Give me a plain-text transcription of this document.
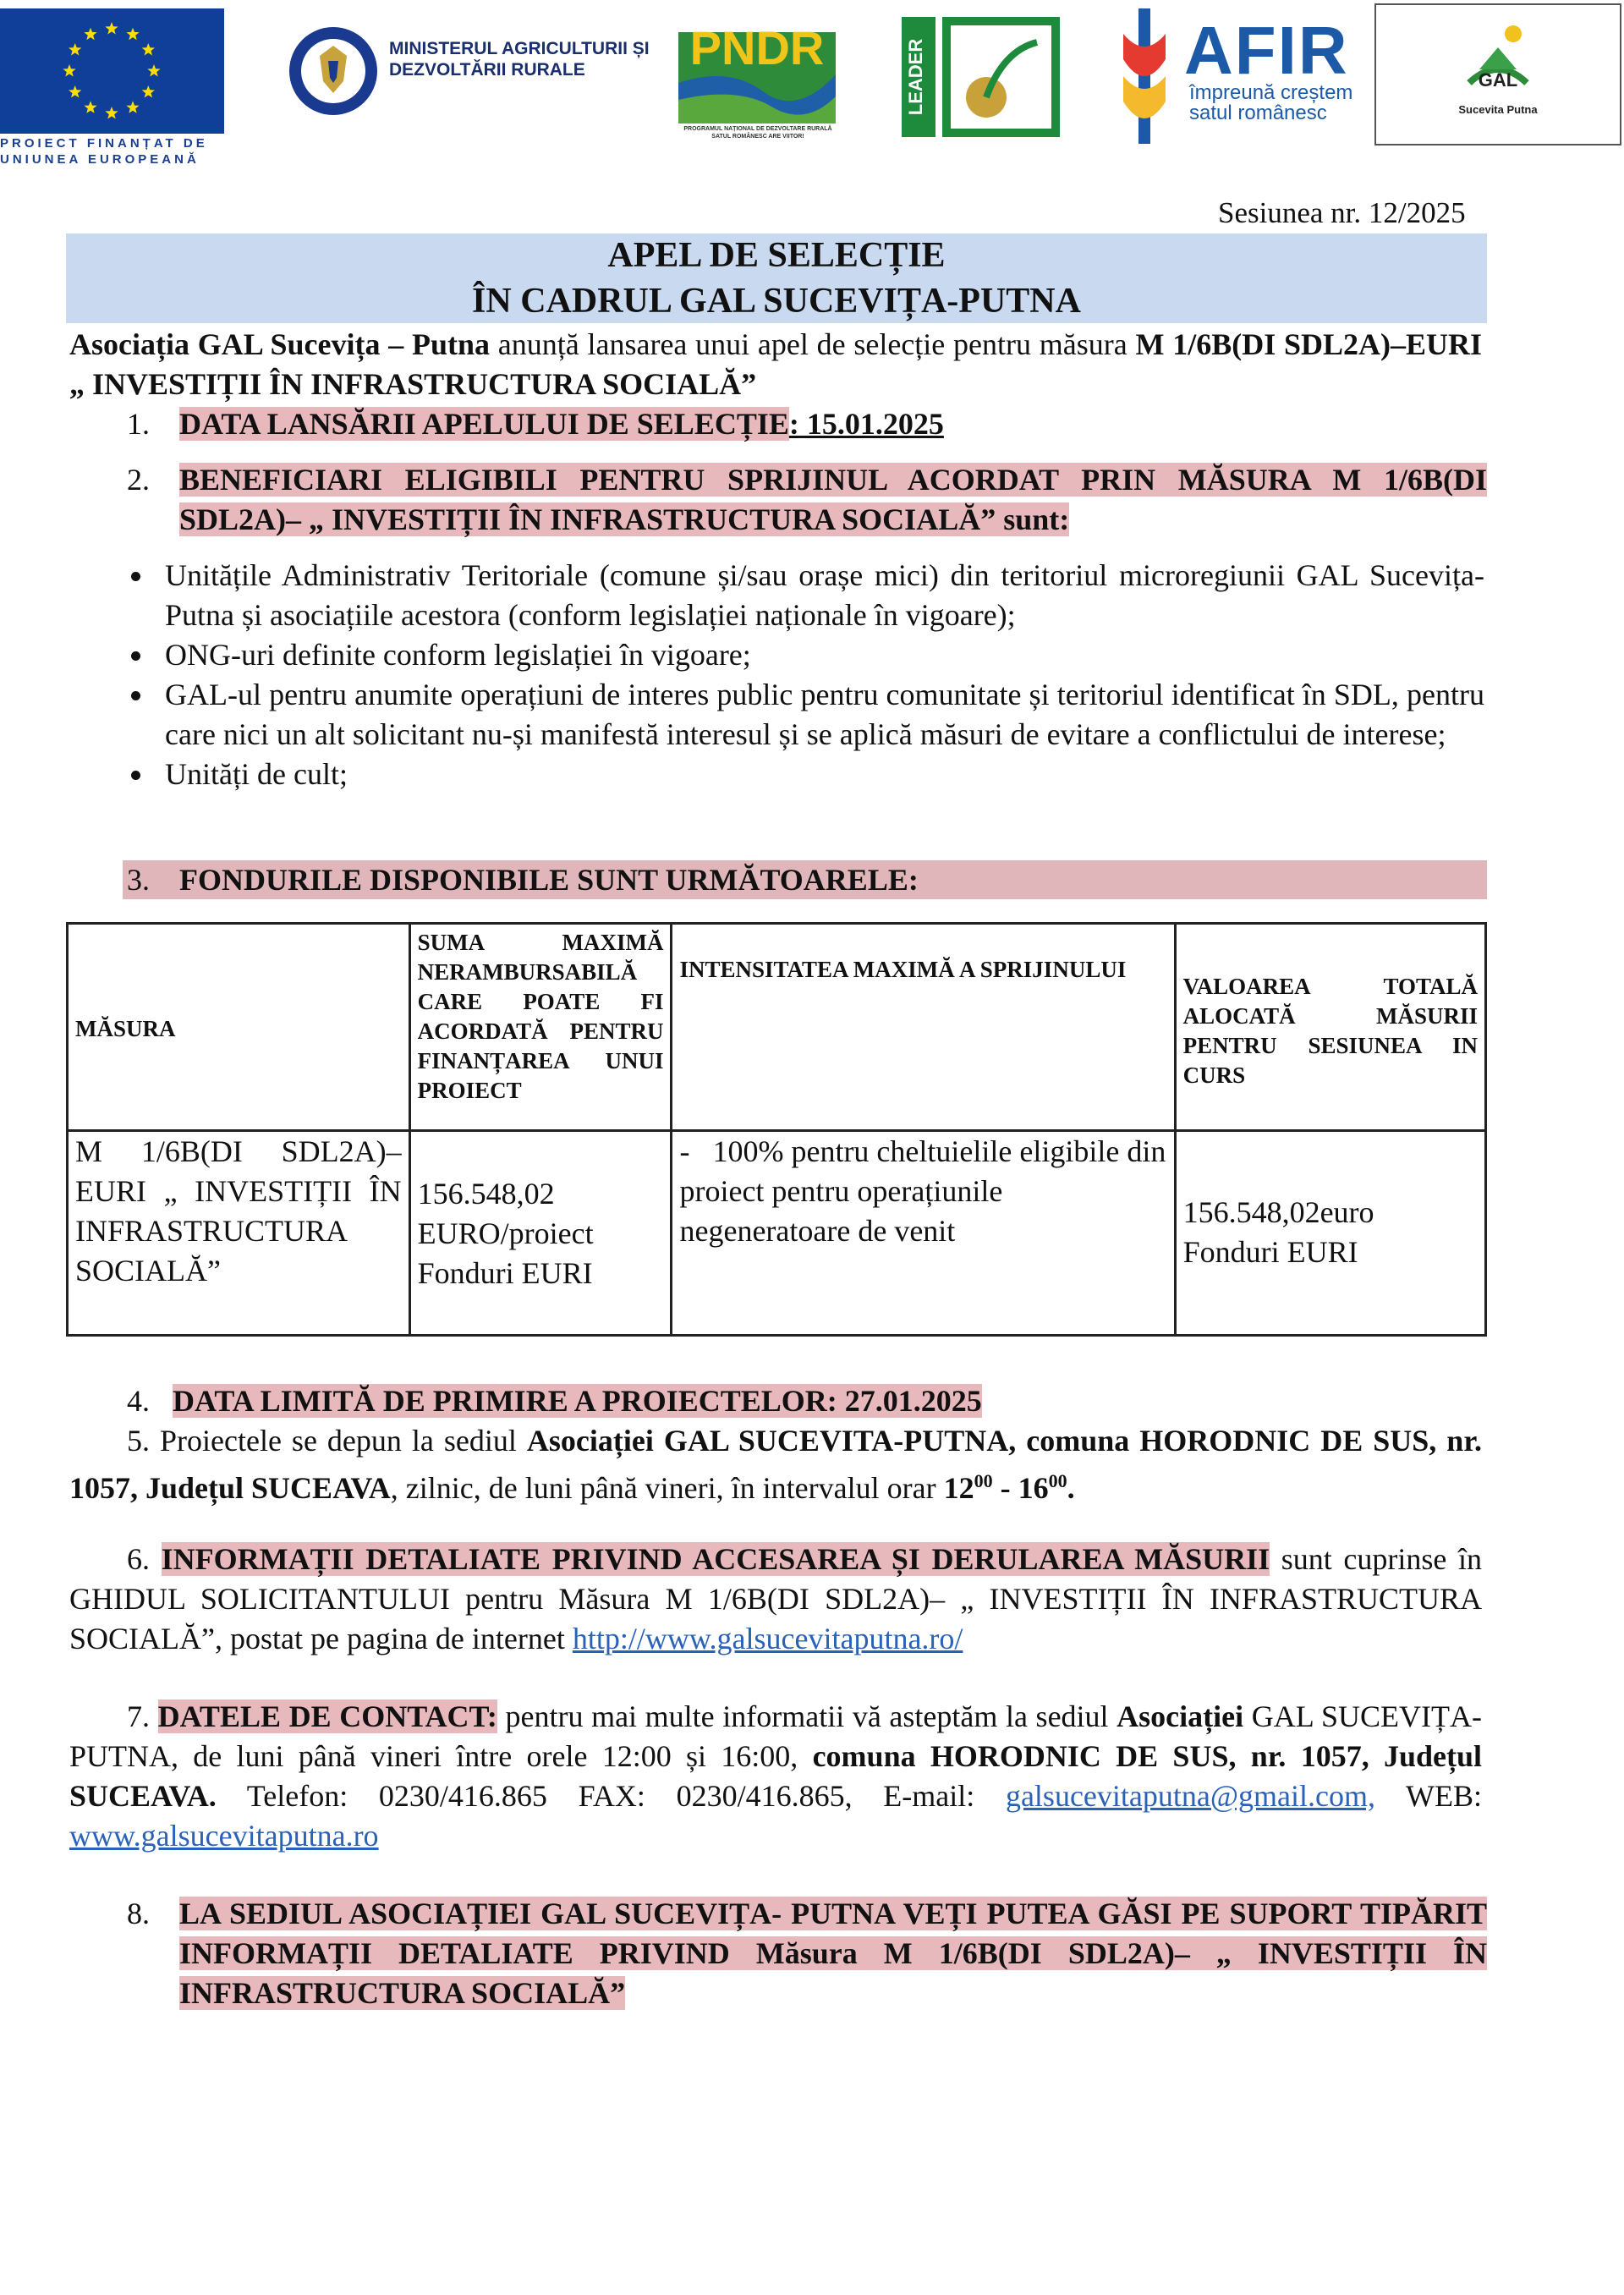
PROIECT FINANȚAT DE UNIUNEA EUROPEANĂ
MINISTERUL AGRICULTURII ȘI DEZVOLTĂRII RURALE	PNDR
PROGRAMUL NAȚIONAL DE DEZVOLTARE RURALĂ SATUL ROMÂNESC ARE VIITOR!
LEADER	AFIR
împreună creștem
satul românesc
GAL
Sucevita Putna
Sesiunea nr. 12/2025
APEL DE SELECȚIE
ÎN CADRUL GAL SUCEVIȚA-PUTNA
Asociația GAL Sucevița – Putna anunță lansarea unui apel de selecție pentru măsura M 1/6B(DI SDL2A)–EURI „ INVESTIȚII ÎN INFRASTRUCTURA SOCIALĂ”
1. DATA LANSĂRII APELULUI DE SELECȚIE: 15.01.2025
2. BENEFICIARI ELIGIBILI PENTRU SPRIJINUL ACORDAT PRIN MĂSURA M 1/6B(DI SDL2A)– „ INVESTIȚII ÎN INFRASTRUCTURA SOCIALĂ” sunt:
Unitățile Administrativ Teritoriale (comune și/sau orașe mici) din teritoriul microregiunii GAL Sucevița-Putna și asociațiile acestora (conform legislației naționale în vigoare);
ONG-uri definite conform legislației în vigoare;
GAL-ul pentru anumite operațiuni de interes public pentru comunitate și teritoriul identificat în SDL, pentru care nici un alt solicitant nu-și manifestă interesul și se aplică măsuri de evitare a conflictului de interese;
Unități de cult;
3. FONDURILE DISPONIBILE SUNT URMĂTOARELE:
MĂSURA	SUMA MAXIMĂ NERAMBURSABILĂ CARE POATE FI ACORDATĂ PENTRU FINANȚAREA UNUI PROIECT	INTENSITATEA MAXIMĂ A SPRIJINULUI	VALOAREA TOTALĂ ALOCATĂ MĂSURII PENTRU SESIUNEA IN CURS
M 1/6B(DI SDL2A)–EURI „ INVESTIȚII ÎN INFRASTRUCTURA SOCIALĂ”	156.548,02 EURO/proiect Fonduri EURI	-   100% pentru cheltuielile eligibile din proiect pentru operațiunile negeneratoare de venit	156.548,02euro Fonduri EURI
4. DATA LIMITĂ DE PRIMIRE A PROIECTELOR: 27.01.2025
5. Proiectele se depun la sediul Asociației GAL SUCEVITA-PUTNA, comuna HORODNIC DE SUS, nr. 1057, Județul SUCEAVA, zilnic, de luni până vineri, în intervalul orar $12^{00} - 16^{00}$.
6. INFORMAȚII DETALIATE PRIVIND ACCESAREA ȘI DERULAREA MĂSURII sunt cuprinse în GHIDUL SOLICITANTULUI pentru Măsura M 1/6B(DI SDL2A)– „ INVESTIȚII ÎN INFRASTRUCTURA SOCIALĂ”, postat pe pagina de internet http://www.galsucevitaputna.ro/
7. DATELE DE CONTACT: pentru mai multe informatii vă asteptăm la sediul Asociației GAL SUCEVIȚA- PUTNA, de luni până vineri între orele 12:00 și 16:00, comuna HORODNIC DE SUS, nr. 1057, Județul SUCEAVA. Telefon: 0230/416.865 FAX: 0230/416.865, E-mail: galsucevitaputna@gmail.com, WEB: www.galsucevitaputna.ro
8. LA SEDIUL ASOCIAȚIEI GAL SUCEVIȚA- PUTNA VEȚI PUTEA GĂSI PE SUPORT TIPĂRIT INFORMAȚII DETALIATE PRIVIND Măsura M 1/6B(DI SDL2A)– „ INVESTIȚII ÎN INFRASTRUCTURA SOCIALĂ”
